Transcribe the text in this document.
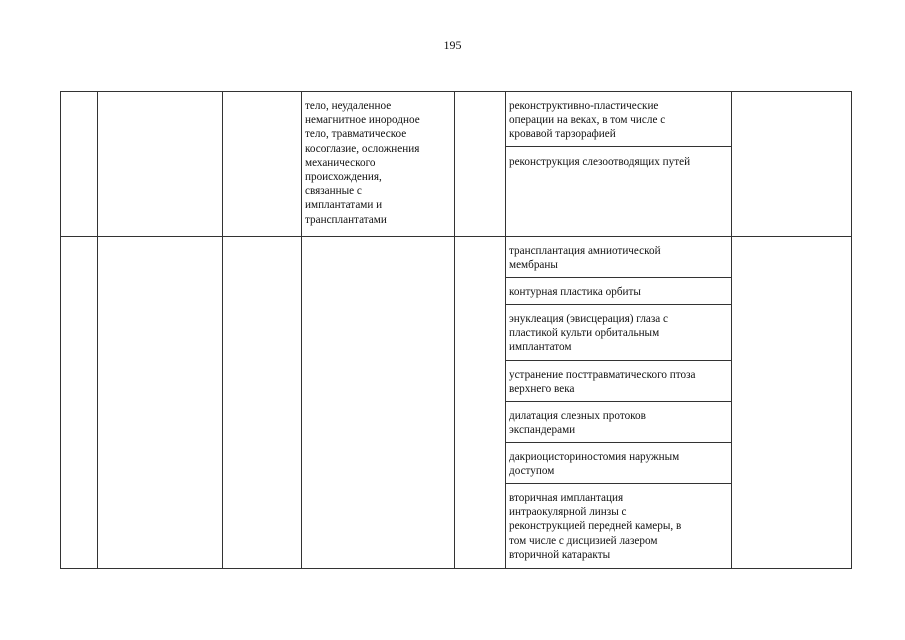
195
тело, неудаленное
немагнитное инородное
тело, травматическое
косоглазие, осложнения
механического
происхождения,
связанные с
имплантатами и
трансплантатами
реконструктивно-пластические
операции на веках, в том числе с
кровавой тарзорафией
реконструкция слезоотводящих путей
трансплантация амниотической
мембраны
контурная пластика орбиты
энуклеация (эвисцерация) глаза с
пластикой культи орбитальным
имплантатом
устранение посттравматического птоза
верхнего века
дилатация слезных протоков
экспандерами
дакриоцисториностомия наружным
доступом
вторичная имплантация
интраокулярной линзы с
реконструкцией передней камеры, в
том числе с дисцизией лазером
вторичной катаракты
